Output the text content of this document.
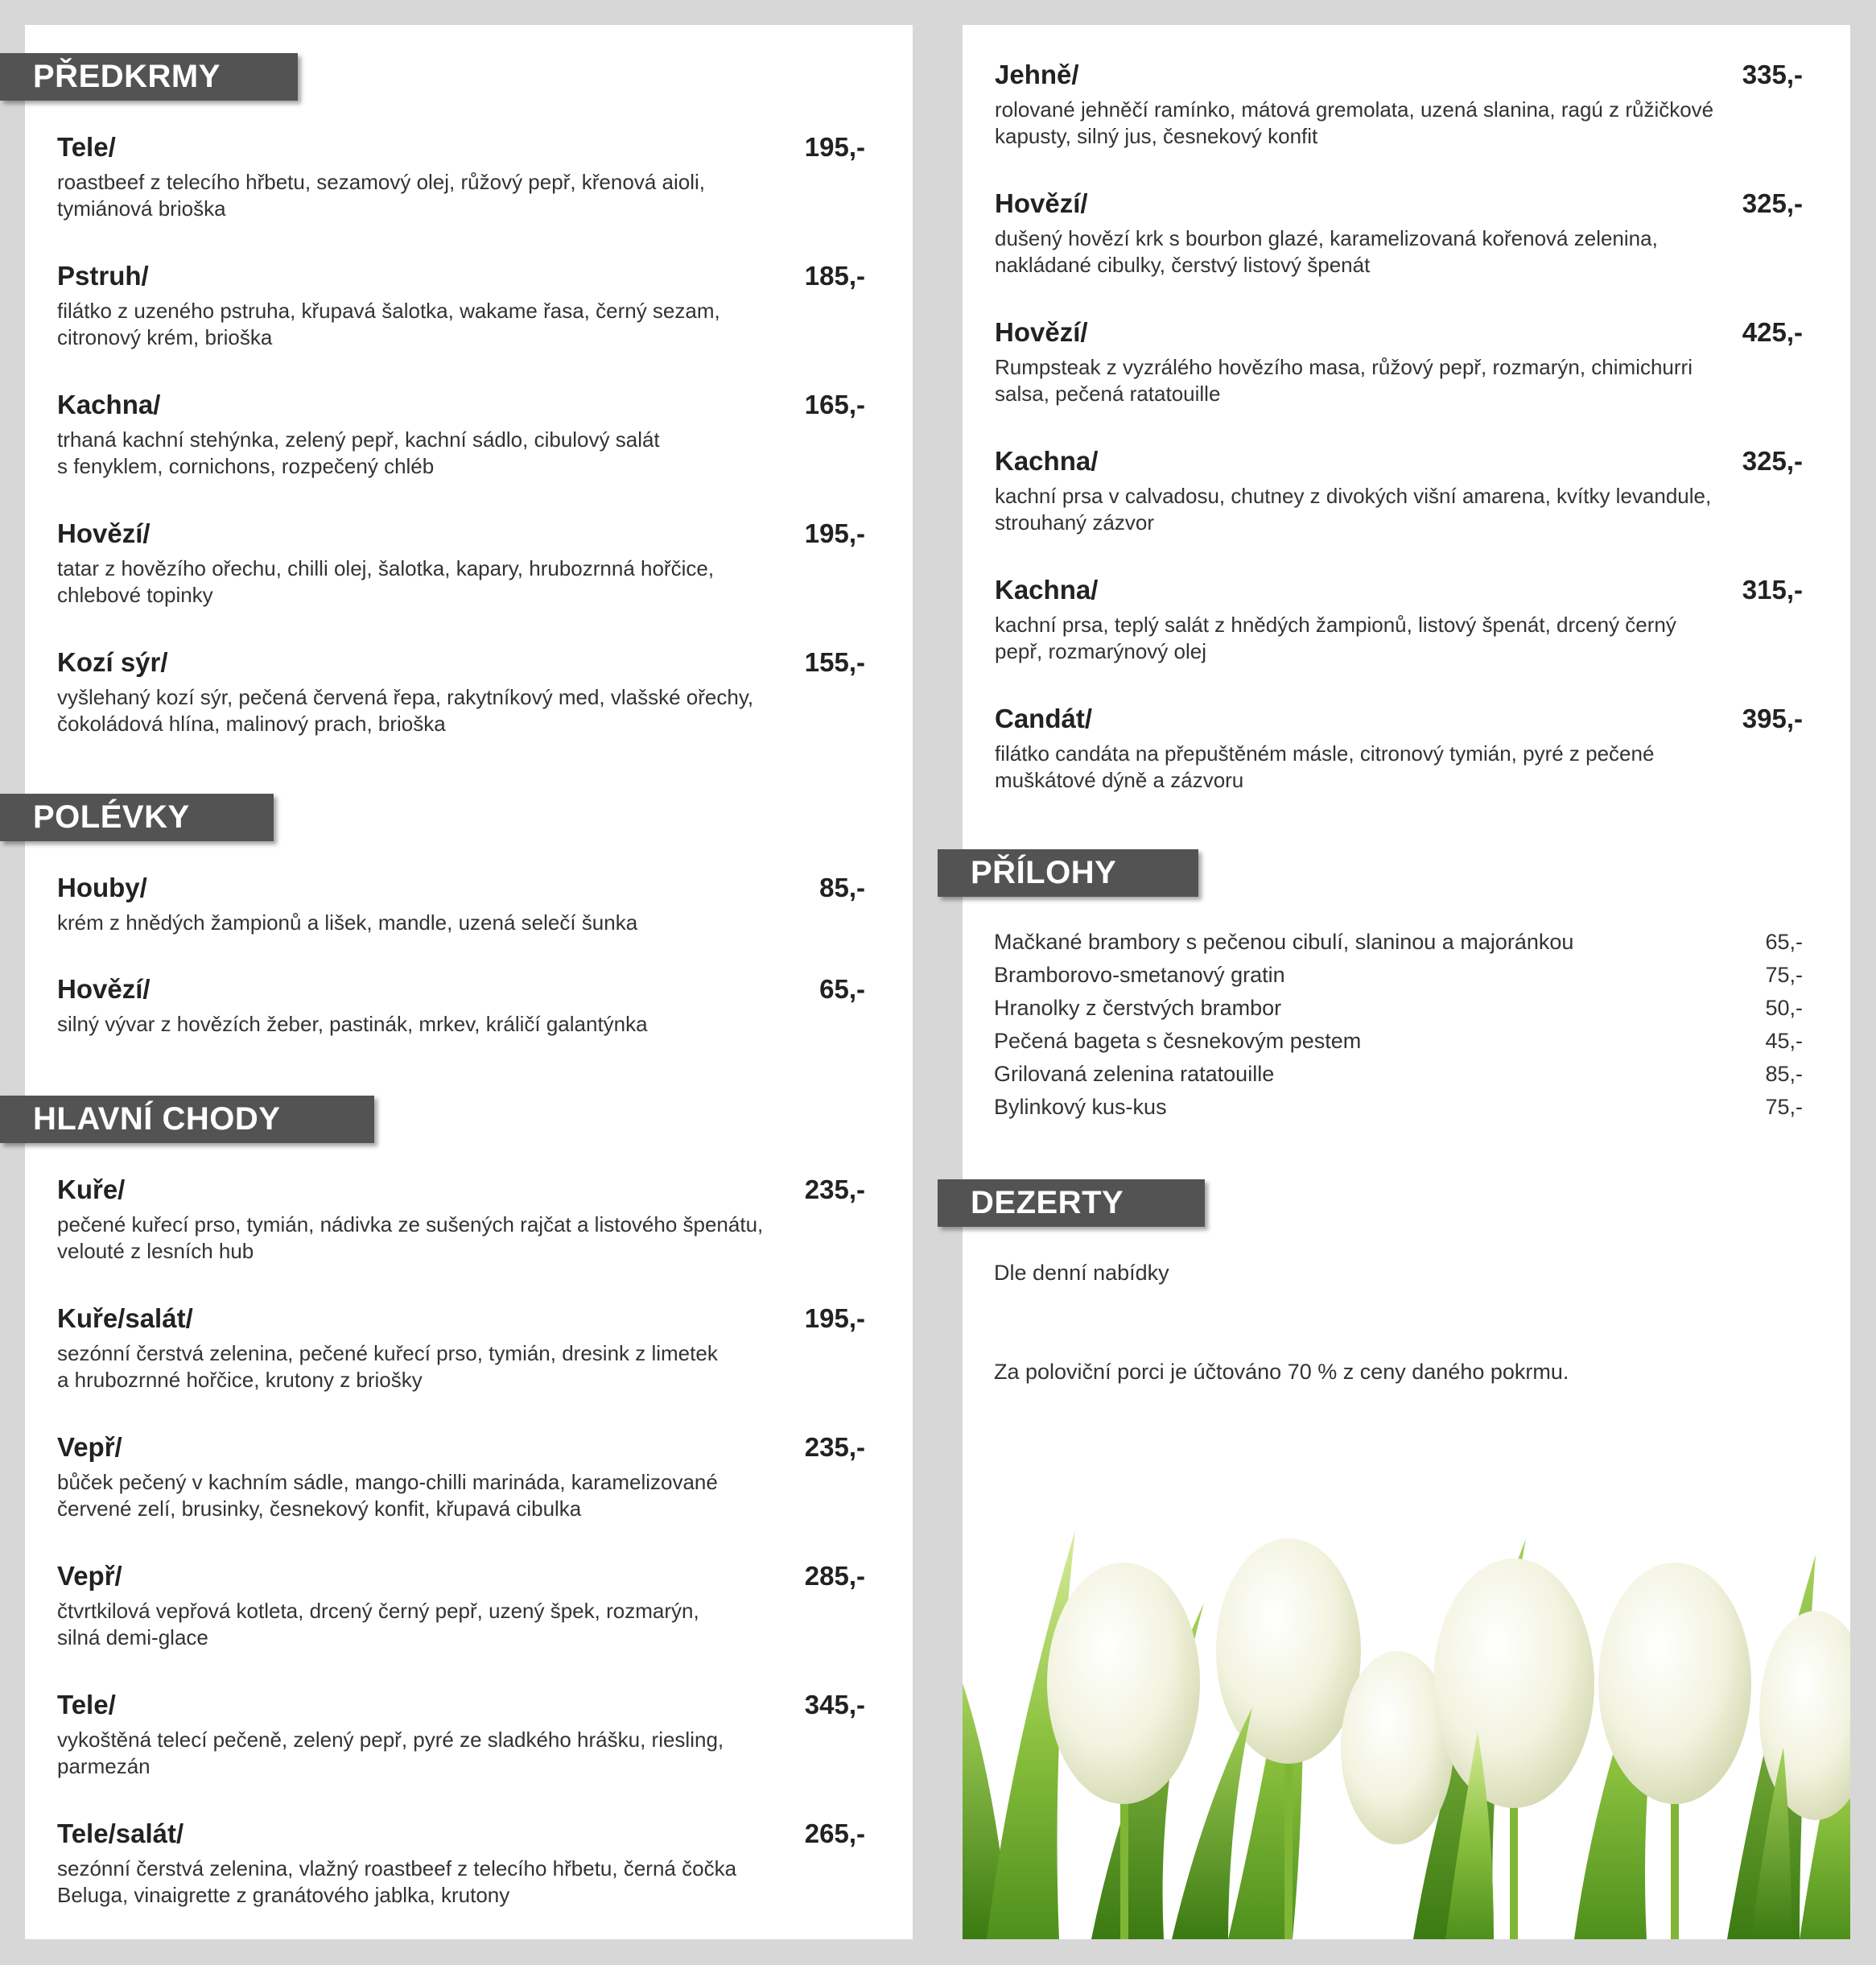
PŘEDKRMY
Tele/	195,-
roastbeef z telecího hřbetu, sezamový olej, růžový pepř, křenová aioli,
tymiánová brioška
Pstruh/	185,-
filátko z uzeného pstruha, křupavá šalotka, wakame řasa, černý sezam,
citronový krém, brioška
Kachna/	165,-
trhaná kachní stehýnka, zelený pepř, kachní sádlo, cibulový salát
s fenyklem, cornichons, rozpečený chléb
Hovězí/	195,-
tatar z hovězího ořechu, chilli olej, šalotka, kapary, hrubozrnná hořčice,
chlebové topinky
Kozí sýr/	155,-
vyšlehaný kozí sýr, pečená červená řepa, rakytníkový med, vlašské ořechy,
čokoládová hlína, malinový prach, brioška
POLÉVKY
Houby/	85,-
krém z hnědých žampionů a lišek, mandle, uzená selečí šunka
Hovězí/	65,-
silný vývar z hovězích žeber, pastinák, mrkev, králičí galantýnka
HLAVNÍ CHODY
Kuře/	235,-
pečené kuřecí prso, tymián, nádivka ze sušených rajčat a listového špenátu,
velouté z lesních hub
Kuře/salát/	195,-
sezónní čerstvá zelenina, pečené kuřecí prso, tymián, dresink z limetek
a hrubozrnné hořčice, krutony z briošky
Vepř/	235,-
bůček pečený v kachním sádle, mango-chilli marináda, karamelizované
červené zelí, brusinky, česnekový konfit, křupavá cibulka
Vepř/	285,-
čtvrtkilová vepřová kotleta, drcený černý pepř, uzený špek, rozmarýn,
silná demi-glace
Tele/	345,-
vykoštěná telecí pečeně, zelený pepř, pyré ze sladkého hrášku, riesling,
parmezán
Tele/salát/	265,-
sezónní čerstvá zelenina, vlažný roastbeef z telecího hřbetu, černá čočka
Beluga, vinaigrette z granátového jablka, krutony
Jehně/	335,-
rolované jehněčí ramínko, mátová gremolata, uzená slanina, ragú z růžičkové
kapusty, silný jus, česnekový konfit
Hovězí/	325,-
dušený hovězí krk s bourbon glazé, karamelizovaná kořenová zelenina,
nakládané cibulky, čerstvý listový špenát
Hovězí/	425,-
Rumpsteak z vyzrálého hovězího masa, růžový pepř, rozmarýn, chimichurri
salsa, pečená ratatouille
Kachna/	325,-
kachní prsa v calvadosu, chutney z divokých višní amarena, kvítky levandule,
strouhaný zázvor
Kachna/	315,-
kachní prsa, teplý salát z hnědých žampionů, listový špenát, drcený černý
pepř, rozmarýnový olej
Candát/	395,-
filátko candáta na přepuštěném másle, citronový tymián, pyré z pečené
muškátové dýně a zázvoru
PŘÍLOHY
Mačkané brambory s pečenou cibulí, slaninou a majoránkou	65,-
Bramborovo-smetanový gratin	75,-
Hranolky z čerstvých brambor	50,-
Pečená bageta s česnekovým pestem	45,-
Grilovaná zelenina ratatouille	85,-
Bylinkový kus-kus	75,-
DEZERTY
Dle denní nabídky
Za poloviční porci je účtováno 70 % z ceny daného pokrmu.
